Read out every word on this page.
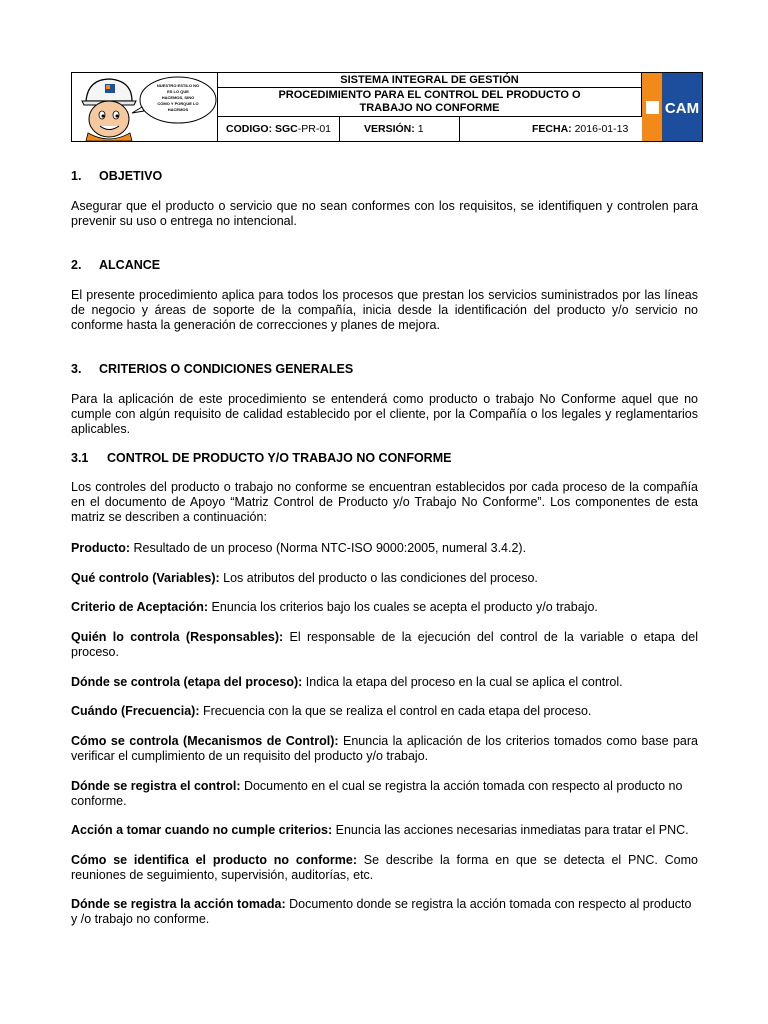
NUESTRO ESTILO NO
ES LO QUE
HACEMOS, SINO
CÓMO Y PORQUE LO
HACEMOS
SISTEMA INTEGRAL DE GESTIÓN
PROCEDIMIENTO PARA EL CONTROL DEL PRODUCTO O TRABAJO NO CONFORME	CAM
CODIGO: SGC-PR-01	VERSIÓN: 1	FECHA: 2016-01-13
1. OBJETIVO
Asegurar que el producto o servicio que no sean conformes con los requisitos, se identifiquen y controlen para prevenir su uso o entrega no intencional.
2. ALCANCE
El presente procedimiento aplica para todos los procesos que prestan los servicios suministrados por las líneas de negocio y áreas de soporte de la compañía, inicia desde la identificación del producto y/o servicio no conforme hasta la generación de correcciones y planes de mejora.
3. CRITERIOS O CONDICIONES GENERALES
Para la aplicación de este procedimiento se entenderá como producto o trabajo No Conforme aquel que no cumple con algún requisito de calidad establecido por el cliente, por la Compañía o los legales y reglamentarios aplicables.
3.1 CONTROL DE PRODUCTO Y/O TRABAJO NO CONFORME
Los controles del producto o trabajo no conforme se encuentran establecidos por cada proceso de la compañía en el documento de Apoyo “Matriz Control de Producto y/o Trabajo No Conforme”. Los componentes de esta matriz se describen a continuación:
Producto: Resultado de un proceso (Norma NTC-ISO 9000:2005, numeral 3.4.2).
Qué controlo (Variables): Los atributos del producto o las condiciones del proceso.
Criterio de Aceptación: Enuncia los criterios bajo los cuales se acepta el producto y/o trabajo.
Quién lo controla (Responsables): El responsable de la ejecución del control de la variable o etapa del proceso.
Dónde se controla (etapa del proceso): Indica la etapa del proceso en la cual se aplica el control.
Cuándo (Frecuencia): Frecuencia con la que se realiza el control en cada etapa del proceso.
Cómo se controla (Mecanismos de Control): Enuncia la aplicación de los criterios tomados como base para verificar el cumplimiento de un requisito del producto y/o trabajo.
Dónde se registra el control: Documento en el cual se registra la acción tomada con respecto al producto no conforme.
Acción a tomar cuando no cumple criterios: Enuncia las acciones necesarias inmediatas para tratar el PNC.
Cómo se identifica el producto no conforme: Se describe la forma en que se detecta el PNC. Como reuniones de seguimiento, supervisión, auditorías, etc.
Dónde se registra la acción tomada: Documento donde se registra la acción tomada con respecto al producto y /o trabajo no conforme.
